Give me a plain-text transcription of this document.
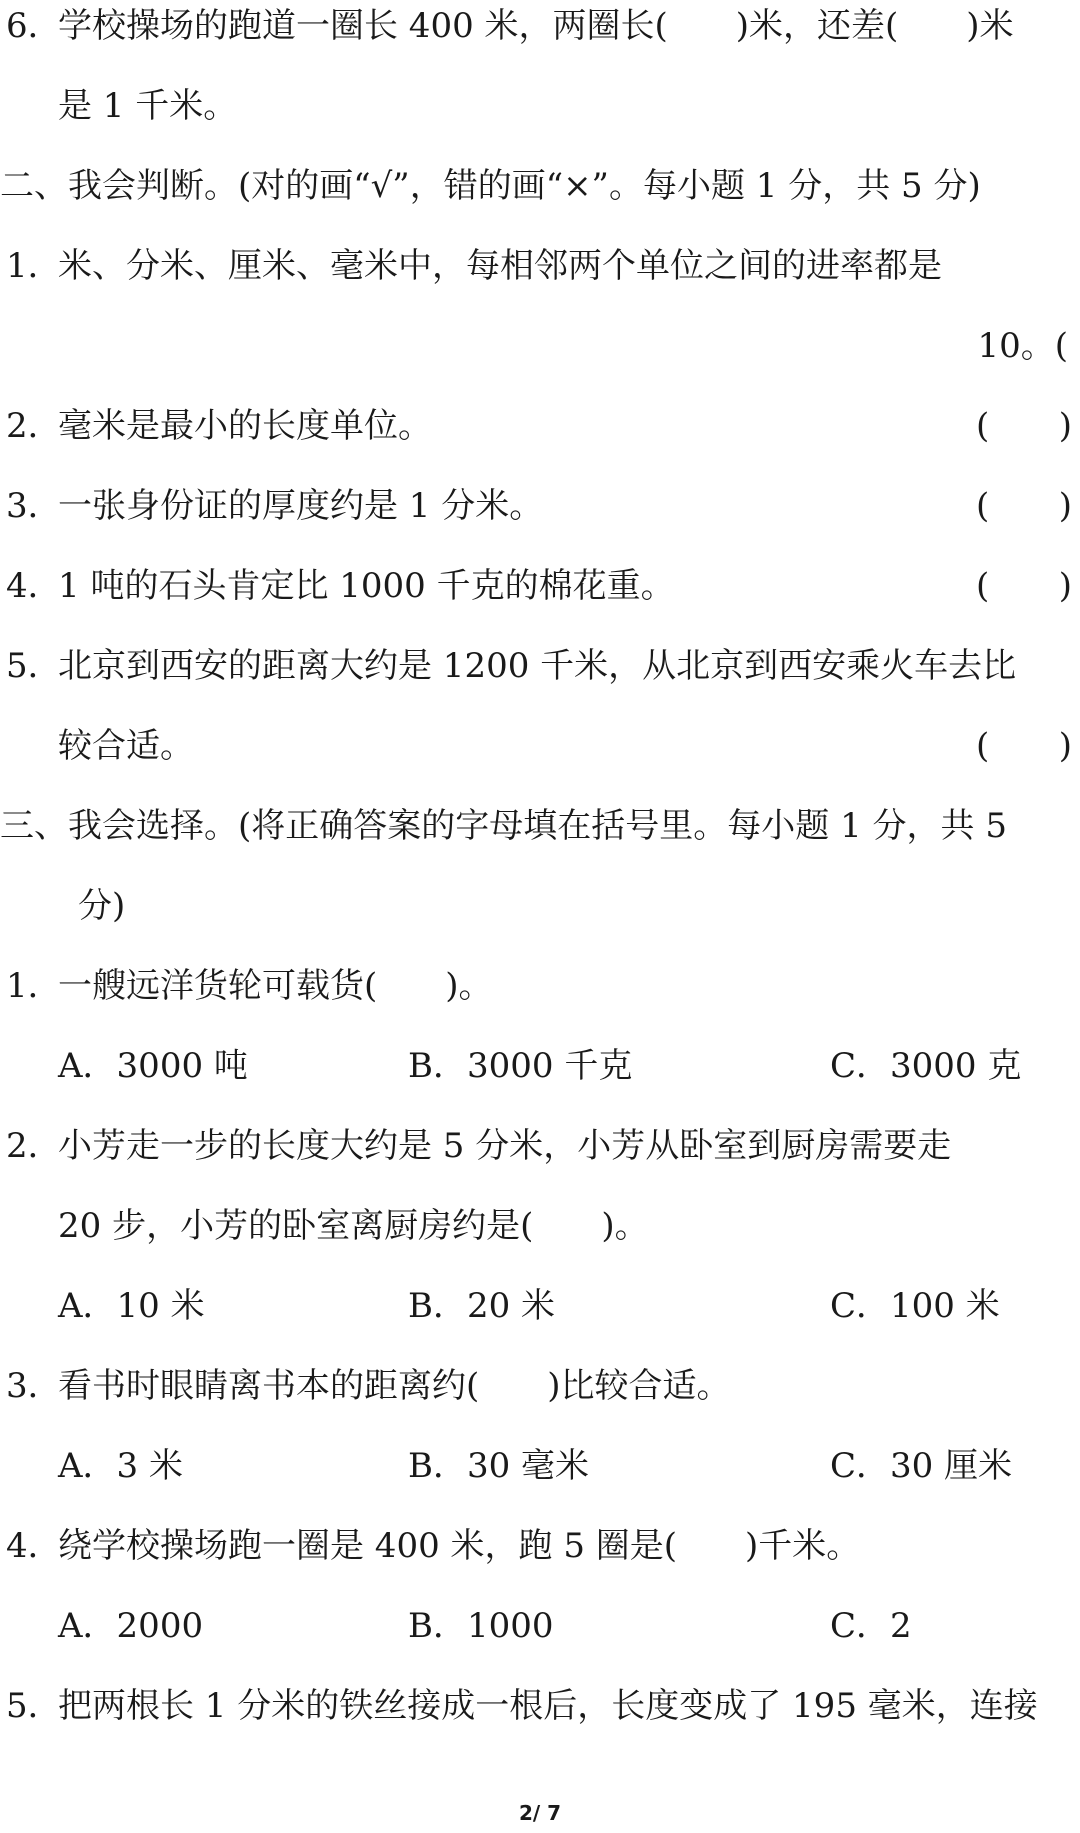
6．
学校操场的跑道一圈长 400 米，两圈长(　　)米，还差(　　)米
是 1 千米。
二、我会判断。(对的画“√”，错的画“×”。每小题 1 分，共 5 分)
1．
米、分米、厘米、毫米中，每相邻两个单位之间的进率都是
10。(
2．
毫米是最小的长度单位。	( )
3．
一张身份证的厚度约是 1 分米。	( )
4．
1 吨的石头肯定比 1000 千克的棉花重。	( )
5．
北京到西安的距离大约是 1200 千米，从北京到西安乘火车去比
较合适。	( )
三、我会选择。(将正确答案的字母填在括号里。每小题 1 分，共 5
分)
1．
一艘远洋货轮可载货(　　)。
A．3000 吨	B．3000 千克	C．3000 克
2．
小芳走一步的长度大约是 5 分米，小芳从卧室到厨房需要走
20 步，小芳的卧室离厨房约是(　　)。
A．10 米	B．20 米	C．100 米
3．
看书时眼睛离书本的距离约(　　)比较合适。
A．3 米	B．30 毫米	C．30 厘米
4．
绕学校操场跑一圈是 400 米，跑 5 圈是(　　)千米。
A．2000	B．1000	C．2
5．
把两根长 1 分米的铁丝接成一根后，长度变成了 195 毫米，连接
2/ 7
